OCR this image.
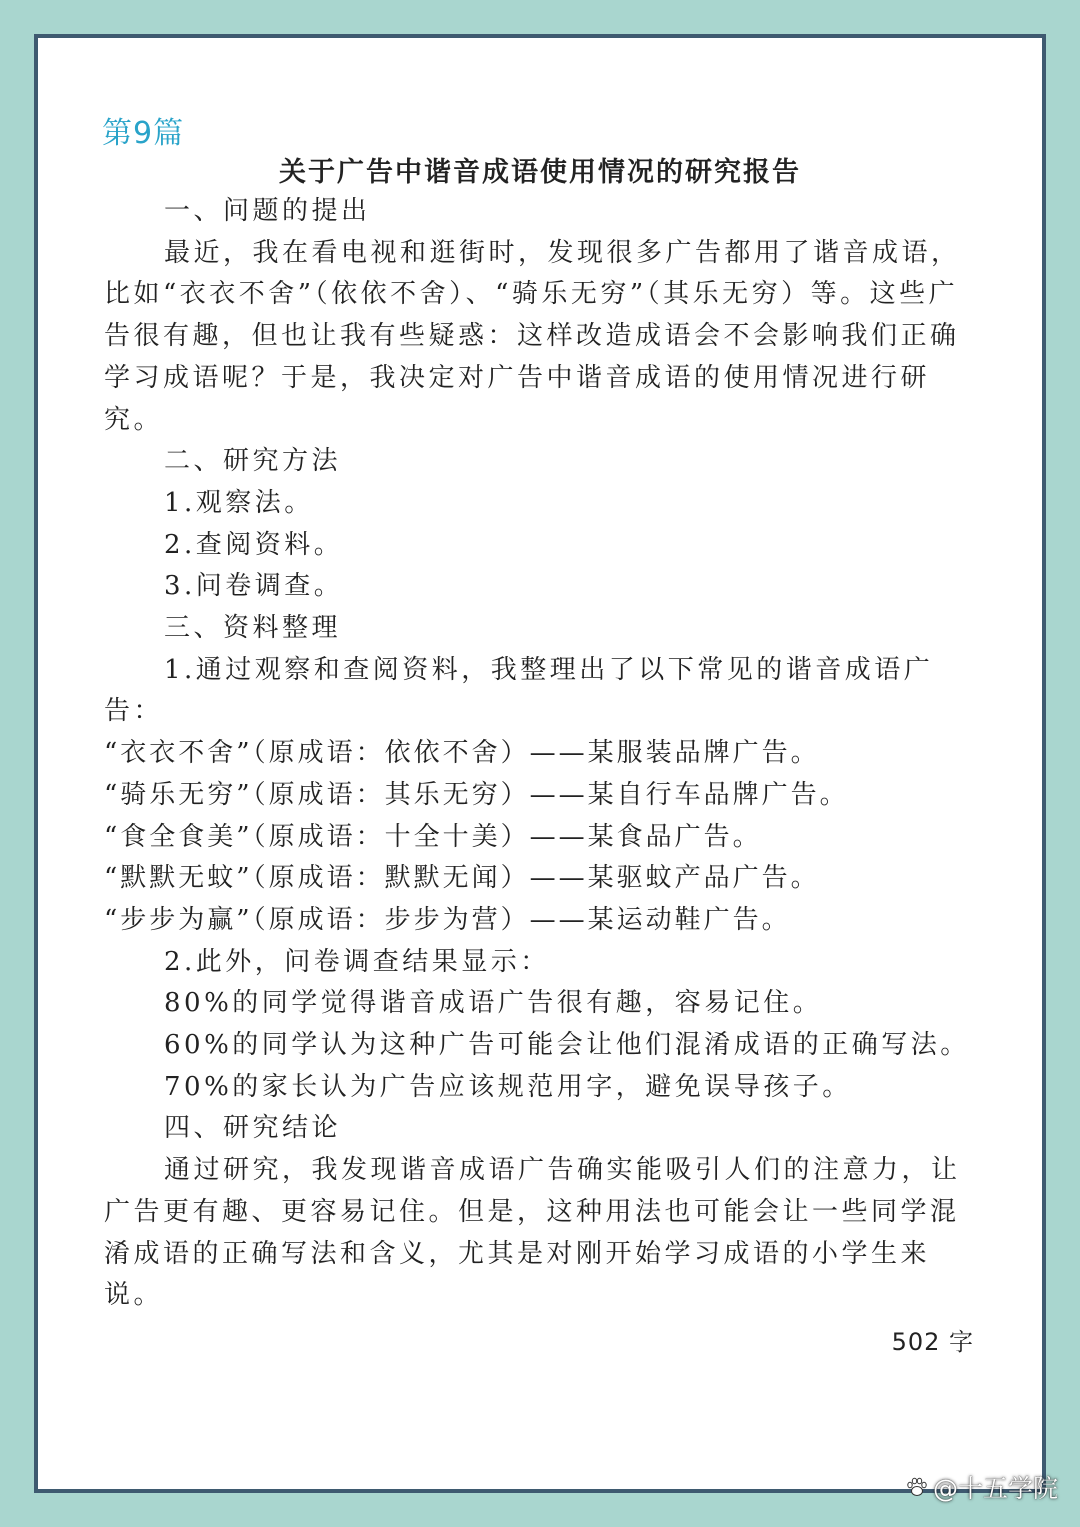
第9篇
关于广告中谐音成语使用情况的研究报告

一、问题的提出

最近，我在看电视和逛街时，发现很多广告都用了谐音成语，比如“衣衣不舍”（依依不舍）、“骑乐无穷”（其乐无穷）等。这些广告很有趣，但也让我有些疑惑：这样改造成语会不会影响我们正确学习成语呢？于是，我决定对广告中谐音成语的使用情况进行研究。

二、研究方法

1.观察法。

2.查阅资料。

3.问卷调查。

三、资料整理

1.通过观察和查阅资料，我整理出了以下常见的谐音成语广告：

“衣衣不舍”（原成语：依依不舍）——某服装品牌广告。

“骑乐无穷”（原成语：其乐无穷）——某自行车品牌广告。

“食全食美”（原成语：十全十美）——某食品广告。

“默默无蚊”（原成语：默默无闻）——某驱蚊产品广告。

“步步为赢”（原成语：步步为营）——某运动鞋广告。

2.此外，问卷调查结果显示：

80%的同学觉得谐音成语广告很有趣，容易记住。

60%的同学认为这种广告可能会让他们混淆成语的正确写法。

70%的家长认为广告应该规范用字，避免误导孩子。

四、研究结论

通过研究，我发现谐音成语广告确实能吸引人们的注意力，让广告更有趣、更容易记住。但是，这种用法也可能会让一些同学混淆成语的正确写法和含义，尤其是对刚开始学习成语的小学生来说。

502 字
@十五学院
